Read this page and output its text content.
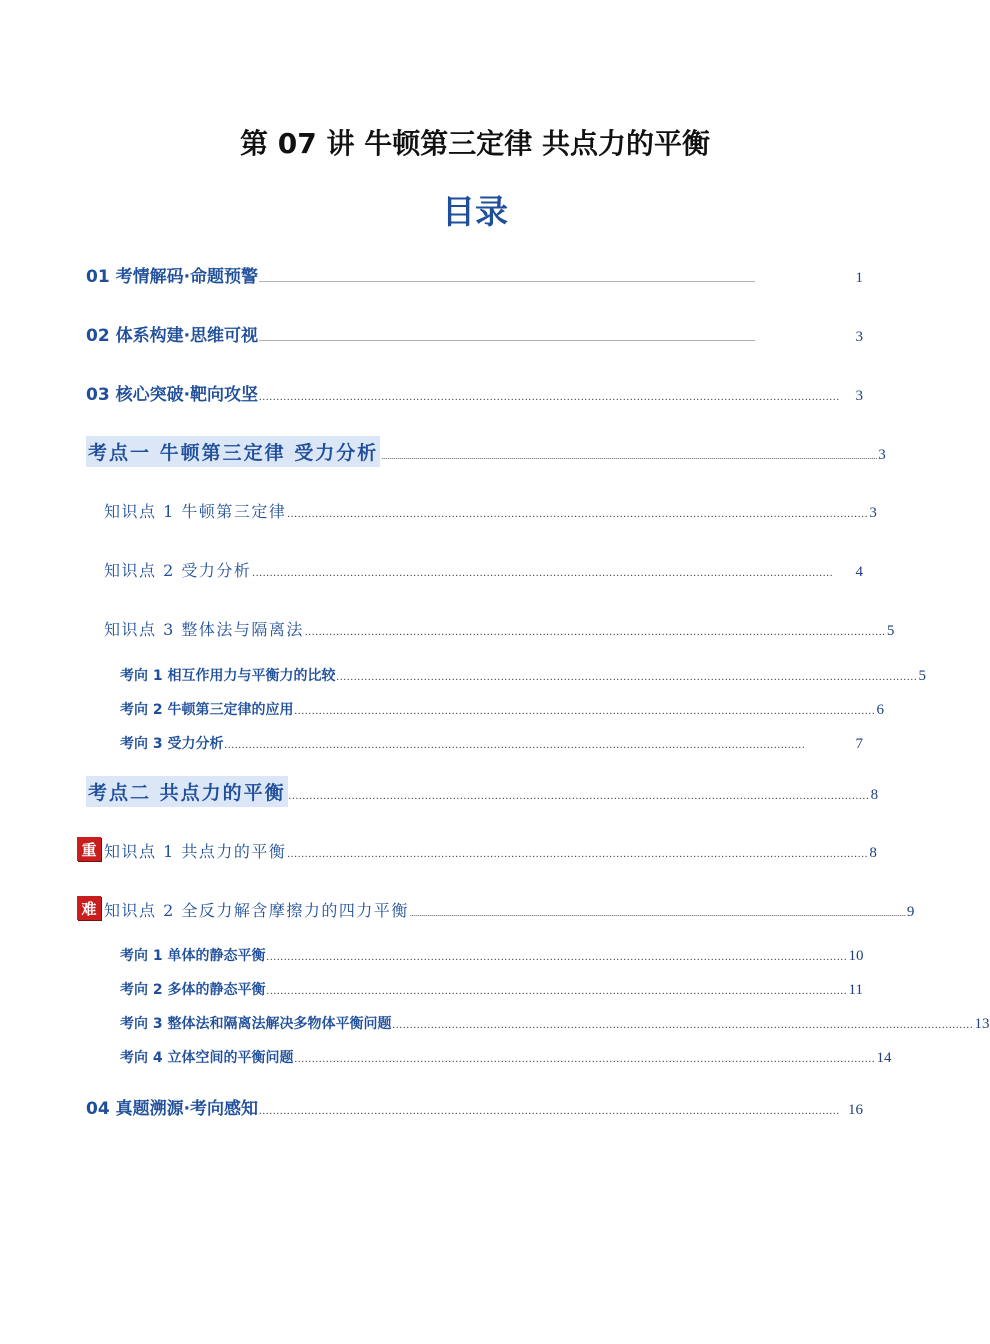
第 07 讲 牛顿第三定律 共点力的平衡
目录
01 考情解码·命题预警 ........................................................................................................................................................................................................................................................	1
02 体系构建·思维可视 ........................................................................................................................................................................................................................................................	3
03 核心突破·靶向攻坚 ......................................................................................................................................................................	3
考点一 牛顿第三定律 受力分析 ........................................................................................................................................................................................................................................................ 3
知识点 1 牛顿第三定律 ...................................................................................................................................................................... 3
知识点 2 受力分析 ......................................................................................................................................................................	4
知识点 3 整体法与隔离法 ...................................................................................................................................................................... 5
考向 1 相互作用力与平衡力的比较 ...................................................................................................................................................................... 5
考向 2 牛顿第三定律的应用 ...................................................................................................................................................................... 6
考向 3 受力分析 ......................................................................................................................................................................	7
考点二 共点力的平衡 ...................................................................................................................................................................... 8
重 知识点 1 共点力的平衡 ...................................................................................................................................................................... 8
难 知识点 2 全反力解含摩擦力的四力平衡 ........................................................................................................................................................................................................................................................ 9
考向 1 单体的静态平衡 ...................................................................................................................................................................... 10
考向 2 多体的静态平衡 ...................................................................................................................................................................... 11
考向 3 整体法和隔离法解决多物体平衡问题 ...................................................................................................................................................................... 13
考向 4 立体空间的平衡问题 ...................................................................................................................................................................... 14
04 真题溯源·考向感知 ...................................................................................................................................................................... 16
